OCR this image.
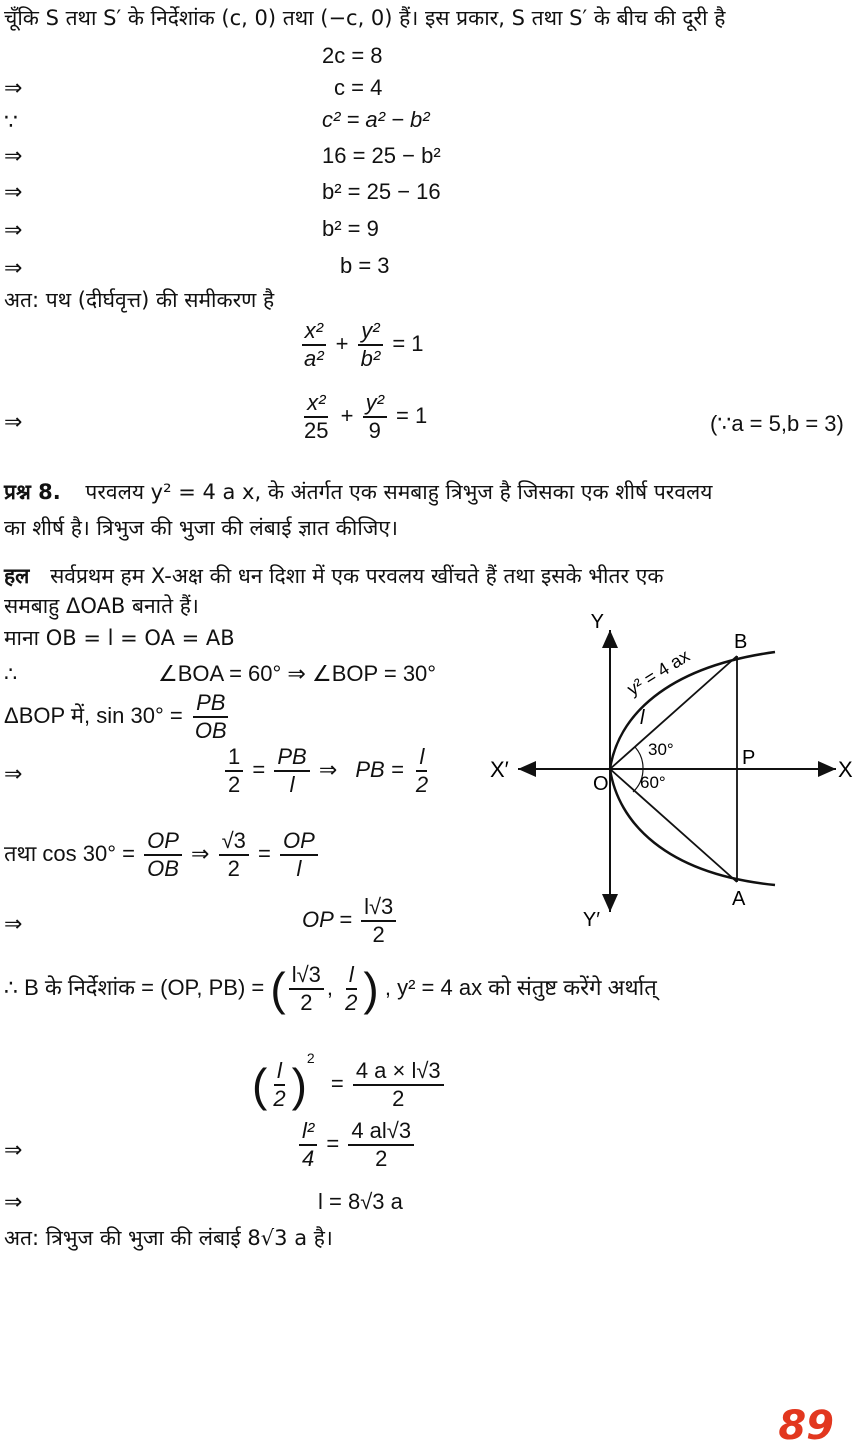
चूँकि S तथा S′ के निर्देशांक (c, 0) तथा (−c, 0) हैं। इस प्रकार, S तथा S′ के बीच की दूरी है
2c = 8
⇒	c = 4
∵	c² = a² − b²
⇒	16 = 25 − b²
⇒	b² = 25 − 16
⇒	b² = 9
⇒	b = 3
अत: पथ (दीर्घवृत्त) की समीकरण है
$\frac{\text{x²}}{\text{a²}} + \frac{\text{y²}}{\text{b²}} = 1$
⇒	$\frac{\text{x²}}{25} + \frac{\text{y²}}{9} = 1$	(∵a = 5,b = 3)
प्रश्न 8. परवलय y² = 4 a x, के अंतर्गत एक समबाहु त्रिभुज है जिसका एक शीर्ष परवलय
का शीर्ष है। त्रिभुज की भुजा की लंबाई ज्ञात कीजिए।
हल सर्वप्रथम हम X-अक्ष की धन दिशा में एक परवलय खींचते हैं तथा इसके भीतर एक
समबाहु ΔOAB बनाते हैं।
माना OB = l = OA = AB
∴	∠BOA = 60° ⇒ ∠BOP = 30°
ΔBOP में, $\sin 30^\circ = \frac{PB}{OB}$
⇒	$\frac{1}{2} = \frac{PB}{l}$ ⇒ PB = $\frac{l}{2}$
तथा $\cos 30^\circ = \frac{OP}{OB}$ ⇒ $\frac{√3}{2} = \frac{OP}{l}$
⇒	OP = $\frac{l√3}{2}$
∴ B के निर्देशांक = (OP, PB) = ( $\frac{l√3}{2}$ , $\frac{l}{2}$ ) , y² = 4 ax को संतुष्ट करेंगे अर्थात्
( $\frac{l}{2} )^2 = \frac{4 a \times l√3}{2}$
⇒	$\frac{\text{l²}}{4} = \frac{4 al√3}{2}$
⇒	l = 8√3 a
अत: त्रिभुज की भुजा की लंबाई 8√3 a है।
Y
Y′
X
X′
O
B
A
P
l
30°
60°
y² = 4 ax
89
